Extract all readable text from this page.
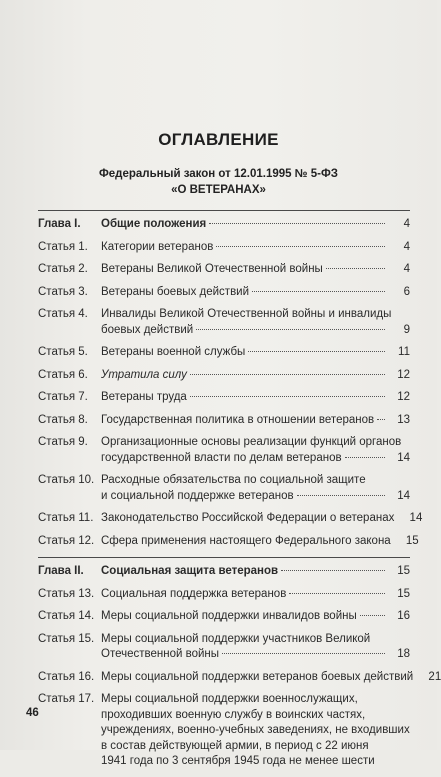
ОГЛАВЛЕНИЕ
Федеральный закон от 12.01.1995 № 5-ФЗ
«О ВЕТЕРАНАХ»
Глава I.	Общие положения	4
Статья 1.	Категории ветеранов	4
Статья 2.	Ветераны Великой Отечественной войны	4
Статья 3.	Ветераны боевых действий	6
Статья 4.	Инвалиды Великой Отечественной войны и инвалиды
боевых действий	9
Статья 5.	Ветераны военной службы	11
Статья 6.	Утратила силу	12
Статья 7.	Ветераны труда	12
Статья 8.	Государственная политика в отношении ветеранов	13
Статья 9.	Организационные основы реализации функций органов
государственной власти по делам ветеранов	14
Статья 10. Расходные обязательства по социальной защите
и социальной поддержке ветеранов	14
Статья 11. Законодательство Российской Федерации о ветеранах	14
Статья 12. Сфера применения настоящего Федерального закона	15
Глава II.	Социальная защита ветеранов	15
Статья 13. Социальная поддержка ветеранов	15
Статья 14. Меры социальной поддержки инвалидов войны	16
Статья 15. Меры социальной поддержки участников Великой
Отечественной войны	18
Статья 16. Меры социальной поддержки ветеранов боевых действий	21
Статья 17. Меры социальной поддержки военнослужащих,
проходивших военную службу в воинских частях,
учреждениях, военно-учебных заведениях, не входивших
в состав действующей армии, в период с 22 июня
1941 года по 3 сентября 1945 года не менее шести
46
